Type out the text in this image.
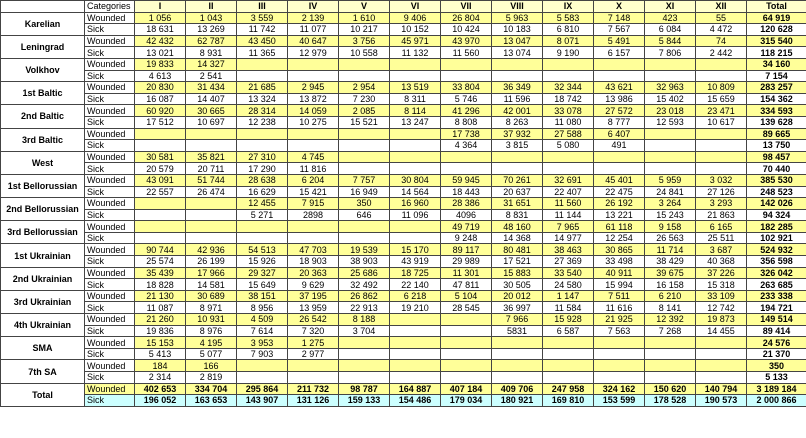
	Categories	I	II	III	IV	V	VI	VII	VIII	IX	X	XI	XII	Total
Karelian	Wounded	1 056	1 043	3 559	2 139	1 610	9 406	26 804	5 963	5 583	7 148	423	55	64 919
	Sick	18 631	13 269	11 742	11 077	10 217	10 152	10 424	10 183	6 810	7 567	6 084	4 472	120 628
Leningrad	Wounded	42 432	62 787	43 450	40 647	3 756	45 971	43 970	13 047	8 071	5 491	5 844	74	315 540
	Sick	13 021	8 931	11 365	12 979	10 558	11 132	11 560	13 074	9 190	6 157	7 806	2 442	118 215
Volkhov	Wounded	19 833	14 327											34 160
	Sick	4 613	2 541											7 154
1st Baltic	Wounded	20 830	31 434	21 685	2 945	2 954	13 519	33 804	36 349	32 344	43 621	32 963	10 809	283 257
	Sick	16 087	14 407	13 324	13 872	7 230	8 311	5 746	11 596	18 742	13 986	15 402	15 659	154 362
2nd Baltic	Wounded	60 920	30 665	28 314	14 059	2 085	8 114	41 296	42 001	33 078	27 572	23 018	23 471	334 593
	Sick	17 512	10 697	12 238	10 275	15 521	13 247	8 808	8 263	11 080	8 777	12 593	10 617	139 628
3rd Baltic	Wounded							17 738	37 932	27 588	6 407			89 665
	Sick							4 364	3 815	5 080	491			13 750
West	Wounded	30 581	35 821	27 310	4 745									98 457
	Sick	20 579	20 711	17 290	11 816									70 440
1st Bellorussian	Wounded	43 091	51 744	28 638	6 204	7 757	30 804	59 945	70 261	32 691	45 401	5 959	3 032	385 530
	Sick	22 557	26 474	16 629	15 421	16 949	14 564	18 443	20 637	22 407	22 475	24 841	27 126	248 523
2nd Bellorussian	Wounded			12 455	7 915	350	16 960	28 386	31 651	11 560	26 192	3 264	3 293	142 026
	Sick			5 271	2898	646	11 096	4096	8 831	11 144	13 221	15 243	21 863	94 324
3rd Bellorussian	Wounded							49 719	48 160	7 965	61 118	9 158	6 165	182 285
	Sick							9 248	14 368	14 977	12 254	26 563	25 511	102 921
1st Ukrainian	Wounded	90 744	42 936	54 513	47 703	19 539	15 170	89 117	80 481	38 463	30 865	11 714	3 687	524 932
	Sick	25 574	26 199	15 926	18 903	38 903	43 919	29 989	17 521	27 369	33 498	38 429	40 368	356 598
2nd Ukrainian	Wounded	35 439	17 966	29 327	20 363	25 686	18 725	11 301	15 883	33 540	40 911	39 675	37 226	326 042
	Sick	18 828	14 581	15 649	9 629	32 492	22 140	47 811	30 505	24 580	15 994	16 158	15 318	263 685
3rd Ukrainian	Wounded	21 130	30 689	38 151	37 195	26 862	6 218	5 104	20 012	1 147	7 511	6 210	33 109	233 338
	Sick	11 087	8 971	8 956	13 959	22 913	19 210	28 545	36 997	11 584	11 616	8 141	12 742	194 721
4th Ukrainian	Wounded	21 260	10 931	4 509	26 542	8 188			7 966	15 928	21 925	12 392	19 873	149 514
	Sick	19 836	8 976	7 614	7 320	3 704			5831	6 587	7 563	7 268	14 455	89 414
SMA	Wounded	15 153	4 195	3 953	1 275									24 576
	Sick	5 413	5 077	7 903	2 977									21 370
7th SA	Wounded	184	166											350
	Sick	2 314	2 819											5 133
Total	Wounded	402 653	334 704	295 864	211 732	98 787	164 887	407 184	409 706	247 958	324 162	150 620	140 794	3 189 184
	Sick	196 052	163 653	143 907	131 126	159 133	154 486	179 034	180 921	169 810	153 599	178 528	190 573	2 000 866
